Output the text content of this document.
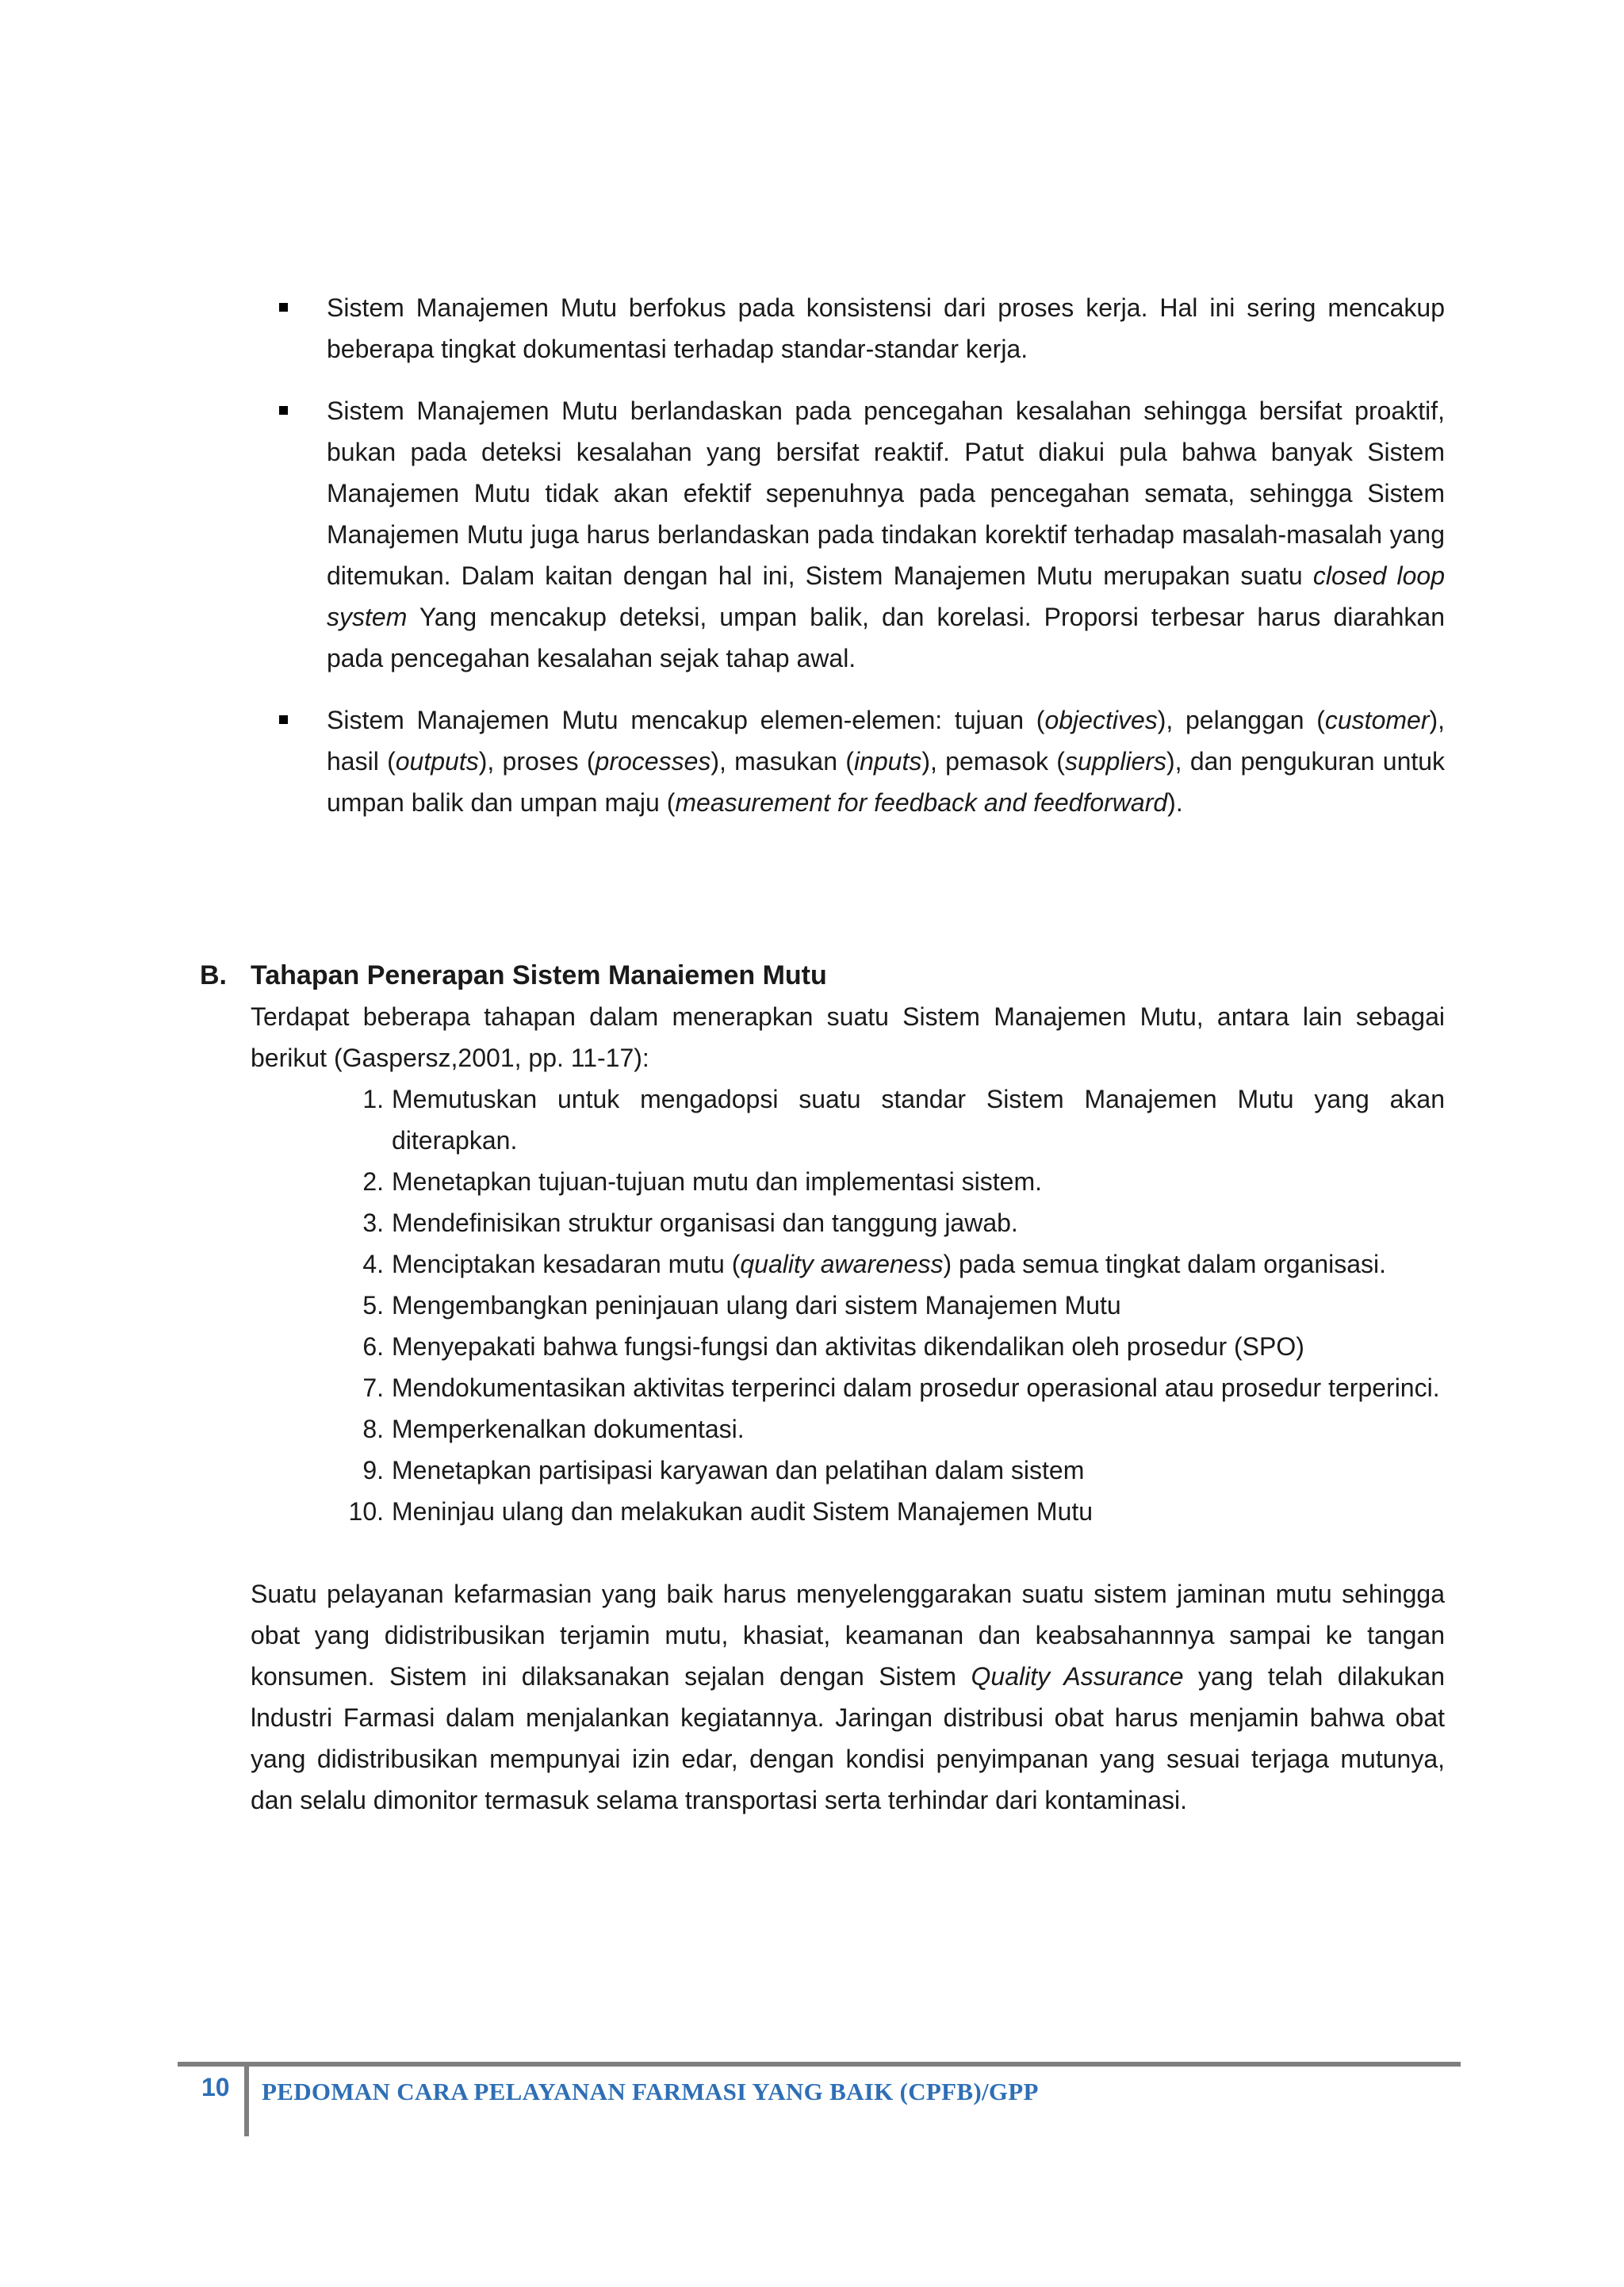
Sistem Manajemen Mutu berfokus pada konsistensi dari proses kerja. Hal ini sering mencakup beberapa tingkat dokumentasi terhadap standar-standar kerja.
Sistem Manajemen Mutu berlandaskan pada pencegahan kesalahan sehingga bersifat proaktif, bukan pada deteksi kesalahan yang bersifat reaktif. Patut diakui pula bahwa banyak Sistem Manajemen Mutu tidak akan efektif sepenuhnya pada pencegahan semata, sehingga Sistem Manajemen Mutu juga harus berlandaskan pada tindakan korektif terhadap masalah-masalah yang ditemukan. Dalam kaitan dengan hal ini, Sistem Manajemen Mutu merupakan suatu closed loop system Yang mencakup deteksi, umpan balik, dan korelasi. Proporsi terbesar harus diarahkan pada pencegahan kesalahan sejak tahap awal.
Sistem Manajemen Mutu mencakup elemen-elemen: tujuan (objectives), pelanggan (customer), hasil (outputs), proses (processes), masukan (inputs), pemasok (suppliers), dan pengukuran untuk umpan balik dan umpan maju (measurement for feedback and feedforward).
B. Tahapan Penerapan Sistem Manaiemen Mutu

Terdapat beberapa tahapan dalam menerapkan suatu Sistem Manajemen Mutu, antara lain sebagai berikut (Gaspersz,2001, pp. 11-17):

1. Memutuskan untuk mengadopsi suatu standar Sistem Manajemen Mutu yang akan diterapkan.
2. Menetapkan tujuan-tujuan mutu dan implementasi sistem.
3. Mendefinisikan struktur organisasi dan tanggung jawab.
4. Menciptakan kesadaran mutu (quality awareness) pada semua tingkat dalam organisasi.
5. Mengembangkan peninjauan ulang dari sistem Manajemen Mutu
6. Menyepakati bahwa fungsi-fungsi dan aktivitas dikendalikan oleh prosedur (SPO)
7. Mendokumentasikan aktivitas terperinci dalam prosedur operasional atau prosedur terperinci.
8. Memperkenalkan dokumentasi.
9. Menetapkan partisipasi karyawan dan pelatihan dalam sistem
10. Meninjau ulang dan melakukan audit Sistem Manajemen Mutu

Suatu pelayanan kefarmasian yang baik harus menyelenggarakan suatu sistem jaminan mutu sehingga obat yang didistribusikan terjamin mutu, khasiat, keamanan dan keabsahannnya sampai ke tangan konsumen. Sistem ini dilaksanakan sejalan dengan Sistem Quality Assurance yang telah dilakukan lndustri Farmasi dalam menjalankan kegiatannya. Jaringan distribusi obat harus menjamin bahwa obat yang didistribusikan mempunyai izin edar, dengan kondisi penyimpanan yang sesuai terjaga mutunya, dan selalu dimonitor termasuk selama transportasi serta terhindar dari kontaminasi.

10 PEDOMAN CARA PELAYANAN FARMASI YANG BAIK (CPFB)/GPP
